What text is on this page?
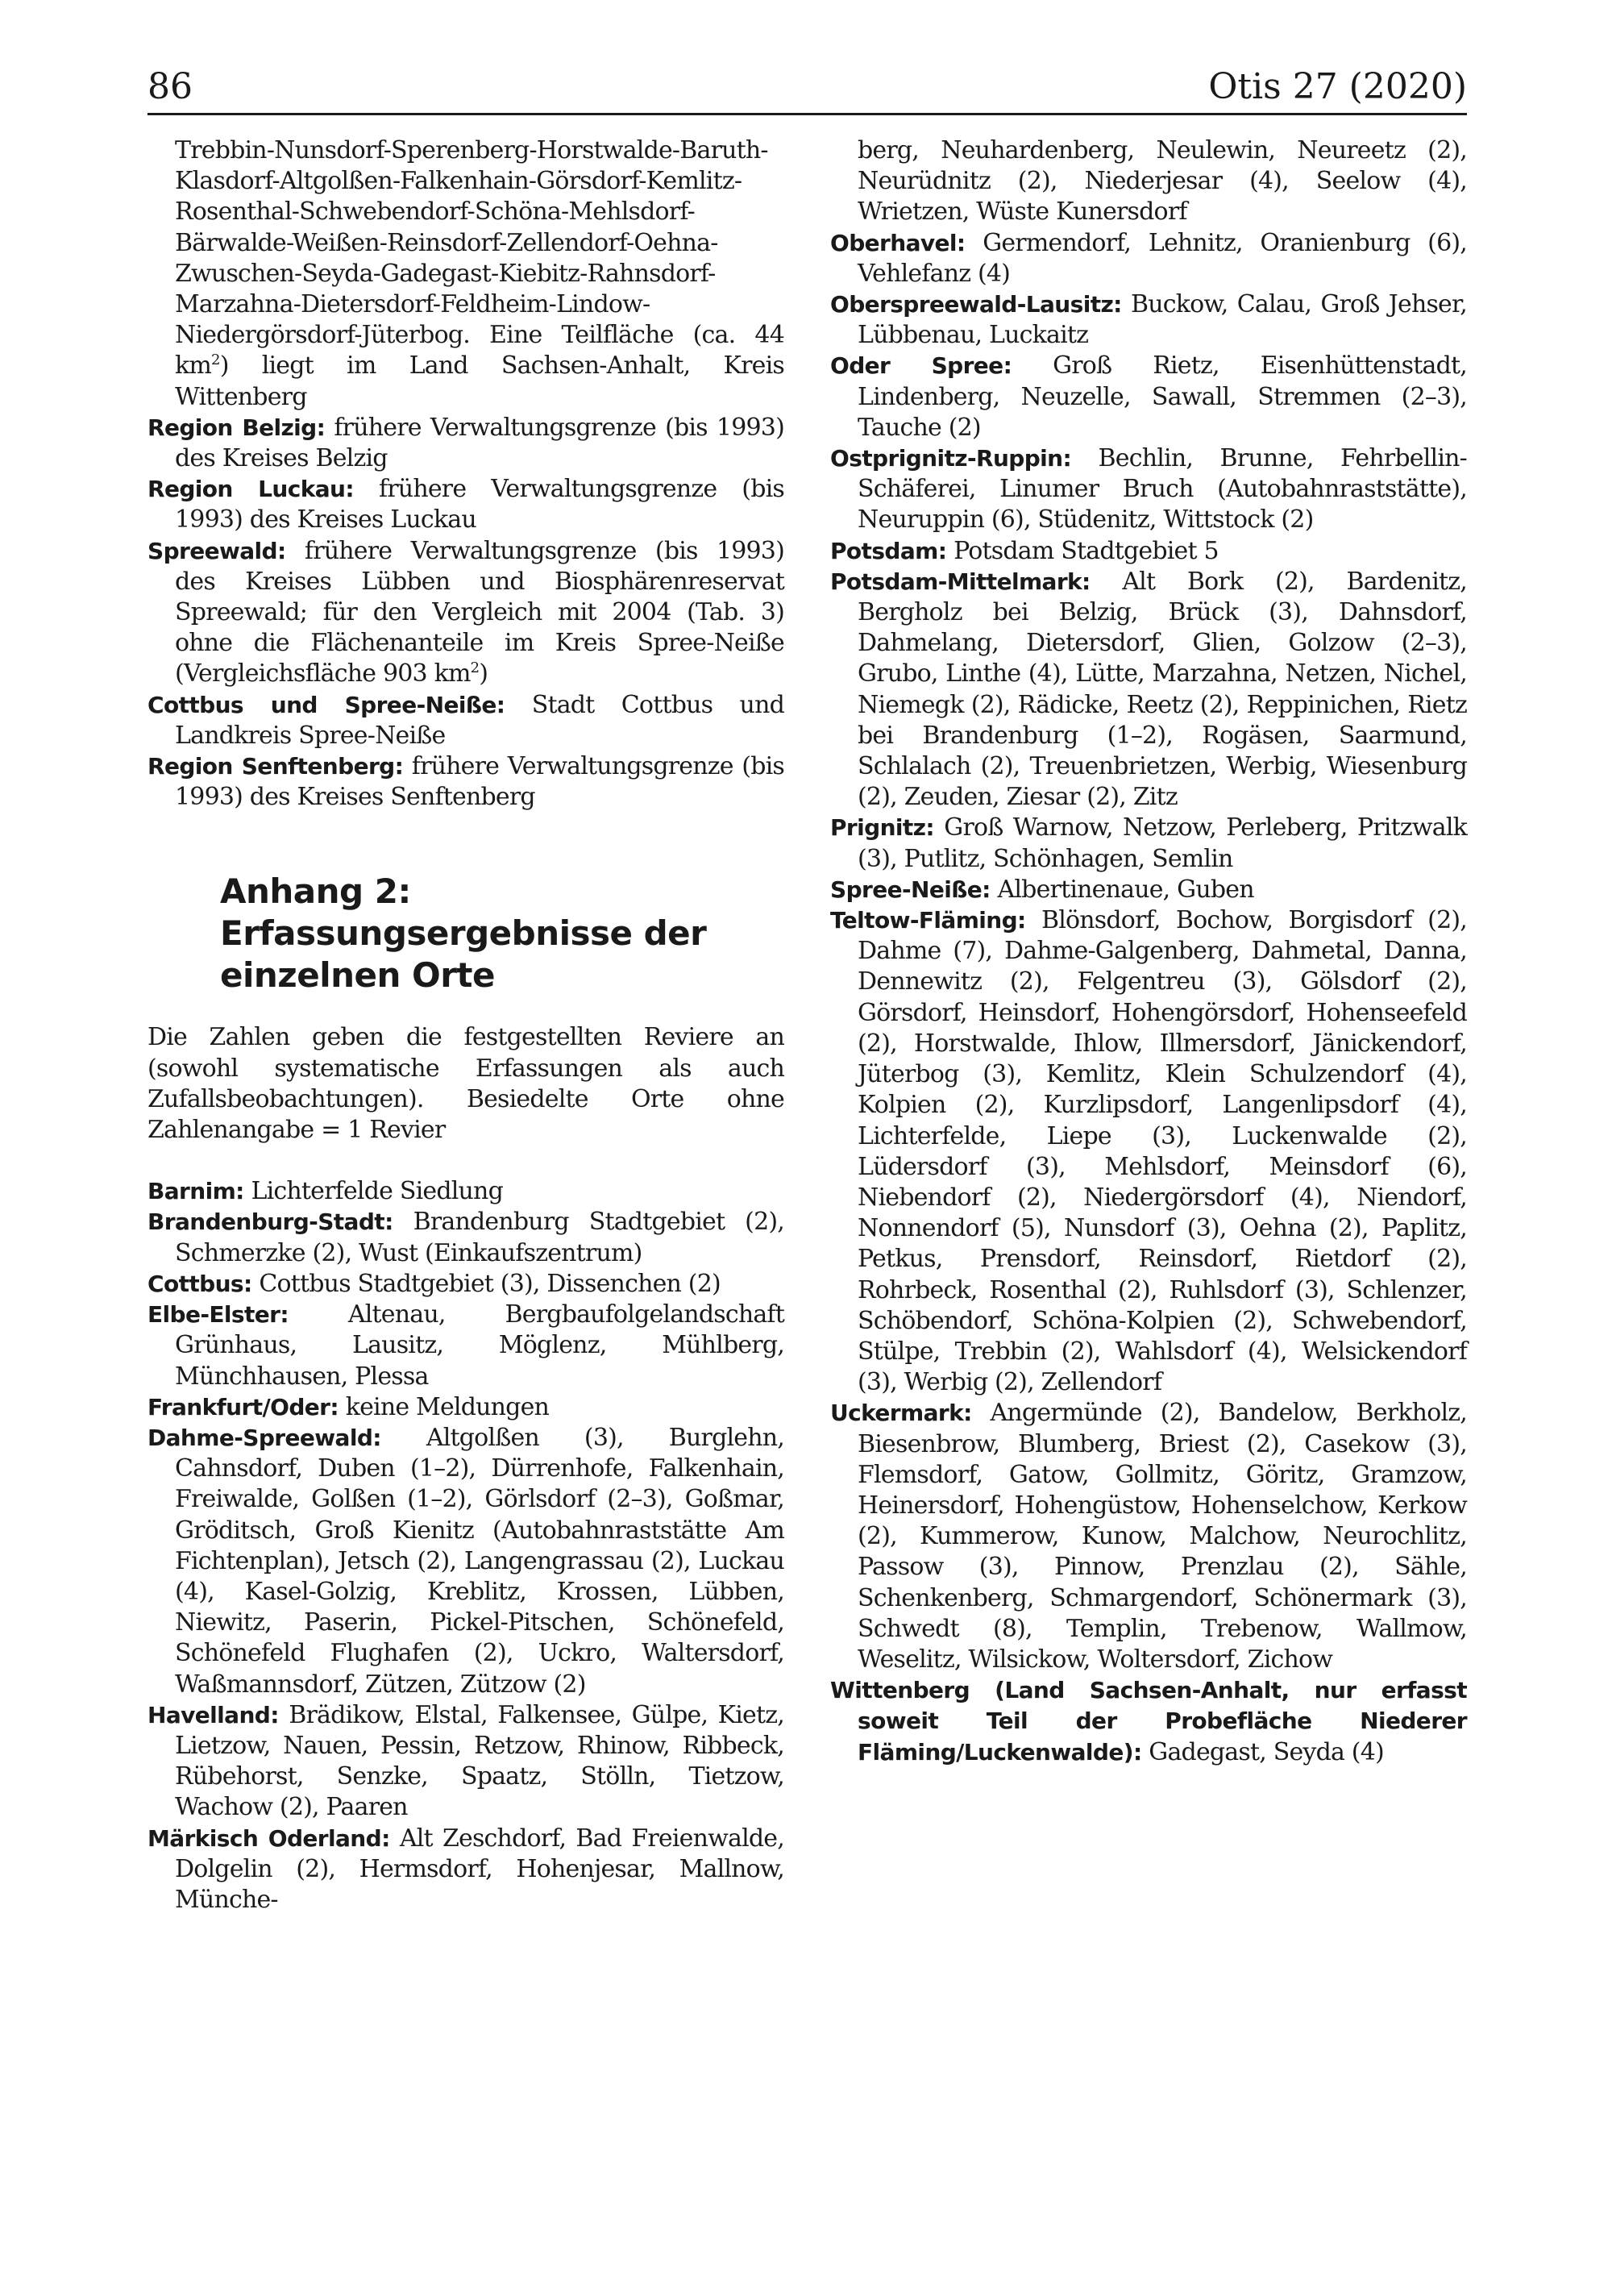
86	Otis 27 (2020)

Trebbin-Nunsdorf-Sperenberg-Horstwalde-Baruth-Klasdorf-Altgolßen-Falkenhain-Görsdorf-Kemlitz-Rosenthal-Schwebendorf-Schöna-Mehlsdorf-Bärwalde-Weißen-Reinsdorf-Zellendorf-Oehna-Zwuschen-Seyda-Gadegast-Kiebitz-Rahnsdorf-Marzahna-Dietersdorf-Feldheim-Lindow-Niedergörsdorf-Jüterbog. Eine Teilfläche (ca. 44 $km^2$) liegt im Land Sachsen-Anhalt, Kreis Wittenberg

Region Belzig: frühere Verwaltungsgrenze (bis 1993) des Kreises Belzig

Region Luckau: frühere Verwaltungsgrenze (bis 1993) des Kreises Luckau

Spreewald: frühere Verwaltungsgrenze (bis 1993) des Kreises Lübben und Biosphärenreservat Spreewald; für den Vergleich mit 2004 (Tab. 3) ohne die Flächenanteile im Kreis Spree-Neiße (Vergleichsfläche 903 $km^2$)

Cottbus und Spree-Neiße: Stadt Cottbus und Landkreis Spree-Neiße

Region Senftenberg: frühere Verwaltungsgrenze (bis 1993) des Kreises Senftenberg

Anhang 2: Erfassungsergebnisse der einzelnen Orte

Die Zahlen geben die festgestellten Reviere an (sowohl systematische Erfassungen als auch Zufallsbeobachtungen). Besiedelte Orte ohne Zahlenangabe = 1 Revier

Barnim: Lichterfelde Siedlung

Brandenburg-Stadt: Brandenburg Stadtgebiet (2), Schmerzke (2), Wust (Einkaufszentrum)

Cottbus: Cottbus Stadtgebiet (3), Dissenchen (2)

Elbe-Elster: Altenau, Bergbaufolgelandschaft Grünhaus, Lausitz, Möglenz, Mühlberg, Münchhausen, Plessa

Frankfurt/Oder: keine Meldungen

Dahme-Spreewald: Altgolßen (3), Burglehn, Cahnsdorf, Duben (1–2), Dürrenhofe, Falkenhain, Freiwalde, Golßen (1–2), Görlsdorf (2–3), Goßmar, Gröditsch, Groß Kienitz (Autobahnraststätte Am Fichtenplan), Jetsch (2), Langengrassau (2), Luckau (4), Kasel-Golzig, Kreblitz, Krossen, Lübben, Niewitz, Paserin, Pickel-Pitschen, Schönefeld, Schönefeld Flughafen (2), Uckro, Waltersdorf, Waßmannsdorf, Zützen, Zützow (2)

Havelland: Brädikow, Elstal, Falkensee, Gülpe, Kietz, Lietzow, Nauen, Pessin, Retzow, Rhinow, Ribbeck, Rübehorst, Senzke, Spaatz, Stölln, Tietzow, Wachow (2), Paaren

Märkisch Oderland: Alt Zeschdorf, Bad Freienwalde, Dolgelin (2), Hermsdorf, Hohenjesar, Mallnow, Münche-

berg, Neuhardenberg, Neulewin, Neureetz (2), Neurüdnitz (2), Niederjesar (4), Seelow (4), Wrietzen, Wüste Kunersdorf

Oberhavel: Germendorf, Lehnitz, Oranienburg (6), Vehlefanz (4)

Oberspreewald-Lausitz: Buckow, Calau, Groß Jehser, Lübbenau, Luckaitz

Oder Spree: Groß Rietz, Eisenhüttenstadt, Lindenberg, Neuzelle, Sawall, Stremmen (2–3), Tauche (2)

Ostprignitz-Ruppin: Bechlin, Brunne, Fehrbellin-Schäferei, Linumer Bruch (Autobahnraststätte), Neuruppin (6), Stüdenitz, Wittstock (2)

Potsdam: Potsdam Stadtgebiet 5

Potsdam-Mittelmark: Alt Bork (2), Bardenitz, Bergholz bei Belzig, Brück (3), Dahnsdorf, Dahmelang, Dietersdorf, Glien, Golzow (2–3), Grubo, Linthe (4), Lütte, Marzahna, Netzen, Nichel, Niemegk (2), Rädicke, Reetz (2), Reppinichen, Rietz bei Brandenburg (1–2), Rogäsen, Saarmund, Schlalach (2), Treuenbrietzen, Werbig, Wiesenburg (2), Zeuden, Ziesar (2), Zitz

Prignitz: Groß Warnow, Netzow, Perleberg, Pritzwalk (3), Putlitz, Schönhagen, Semlin

Spree-Neiße: Albertinenaue, Guben

Teltow-Fläming: Blönsdorf, Bochow, Borgisdorf (2), Dahme (7), Dahme-Galgenberg, Dahmetal, Danna, Dennewitz (2), Felgentreu (3), Gölsdorf (2), Görsdorf, Heinsdorf, Hohengörsdorf, Hohenseefeld (2), Horstwalde, Ihlow, Illmersdorf, Jänickendorf, Jüterbog (3), Kemlitz, Klein Schulzendorf (4), Kolpien (2), Kurzlipsdorf, Langenlipsdorf (4), Lichterfelde, Liepe (3), Luckenwalde (2), Lüdersdorf (3), Mehlsdorf, Meinsdorf (6), Niebendorf (2), Niedergörsdorf (4), Niendorf, Nonnendorf (5), Nunsdorf (3), Oehna (2), Paplitz, Petkus, Prensdorf, Reinsdorf, Rietdorf (2), Rohrbeck, Rosenthal (2), Ruhlsdorf (3), Schlenzer, Schöbendorf, Schöna-Kolpien (2), Schwebendorf, Stülpe, Trebbin (2), Wahlsdorf (4), Welsickendorf (3), Werbig (2), Zellendorf

Uckermark: Angermünde (2), Bandelow, Berkholz, Biesenbrow, Blumberg, Briest (2), Casekow (3), Flemsdorf, Gatow, Gollmitz, Göritz, Gramzow, Heinersdorf, Hohengüstow, Hohenselchow, Kerkow (2), Kummerow, Kunow, Malchow, Neurochlitz, Passow (3), Pinnow, Prenzlau (2), Sähle, Schenkenberg, Schmargendorf, Schönermark (3), Schwedt (8), Templin, Trebenow, Wallmow, Weselitz, Wilsickow, Woltersdorf, Zichow

Wittenberg (Land Sachsen-Anhalt, nur erfasst soweit Teil der Probefläche Niederer Fläming/Luckenwalde): Gadegast, Seyda (4)
